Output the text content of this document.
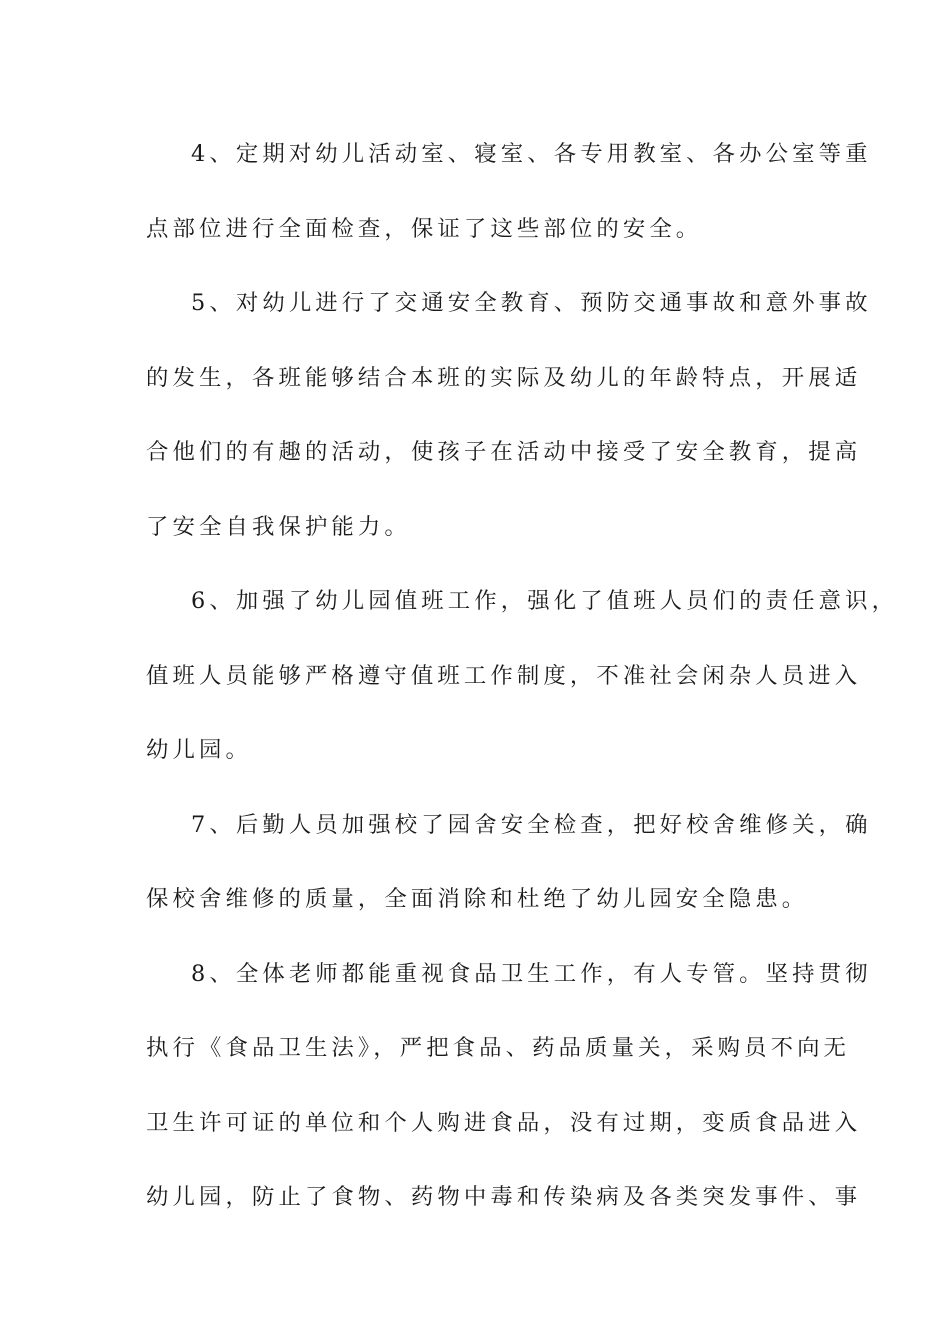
4、定期对幼儿活动室、寝室、各专用教室、各办公室等重
点部位进行全面检查，保证了这些部位的安全。
5、对幼儿进行了交通安全教育、预防交通事故和意外事故
的发生，各班能够结合本班的实际及幼儿的年龄特点，开展适
合他们的有趣的活动，使孩子在活动中接受了安全教育，提高
了安全自我保护能力。
6、加强了幼儿园值班工作，强化了值班人员们的责任意识，
值班人员能够严格遵守值班工作制度，不准社会闲杂人员进入
幼儿园。
7、后勤人员加强校了园舍安全检查，把好校舍维修关，确
保校舍维修的质量，全面消除和杜绝了幼儿园安全隐患。
8、全体老师都能重视食品卫生工作，有人专管。坚持贯彻
执行《食品卫生法》，严把食品、药品质量关，采购员不向无
卫生许可证的单位和个人购进食品，没有过期，变质食品进入
幼儿园，防止了食物、药物中毒和传染病及各类突发事件、事
